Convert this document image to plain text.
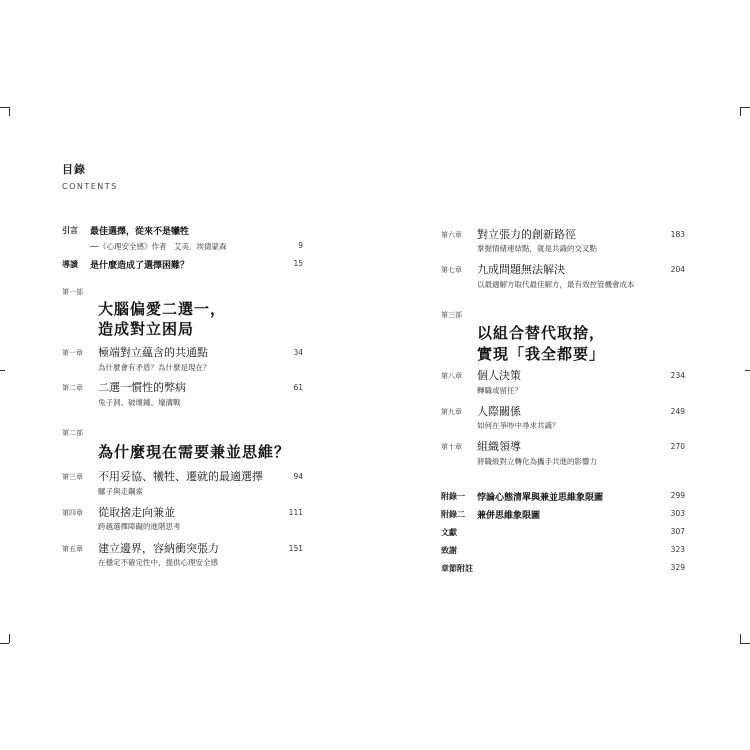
目錄
CONTENTS
引言 最佳選擇，從來不是犧牲
──《心理安全感》作者　艾美．埃德蒙森	9
導讀 是什麼造成了選擇困難？	15
第一部
大腦偏愛二選一，
造成對立困局
第一章 極端對立蘊含的共通點
為什麼會有矛盾？為什麼是現在？
34
第二章 二選一慣性的弊病
兔子洞、破壞鐘、壕溝戰
61
第二部
為什麼現在需要兼並思維？
第三章 不用妥協、犧牲、遷就的最適選擇
騾子與走鋼索
94
第四章 從取捨走向兼並
跨越選擇障礙的進階思考
111
第五章 建立邊界，容納衝突張力
在穩定不確定性中，提供心理安全感
151
第六章 對立張力的創新路徑
掌握情緒連結點，就是共識的交叉點
183
第七章 九成問題無法解決
以最適解方取代最佳解方，最有效控管機會成本
204
第三部
以組合替代取捨，
實現「我全都要」
第八章 個人決策
轉職或留任？
234
第九章 人際關係
如何在爭吵中尋求共識？
249
第十章 組織領導
將職級對立轉化為攜手共進的影響力
270
附錄一 悖論心態清單與兼並思維象限圖	299
附錄二 兼併思維象限圖	303
文獻	307
致謝	323
章節附註	329
